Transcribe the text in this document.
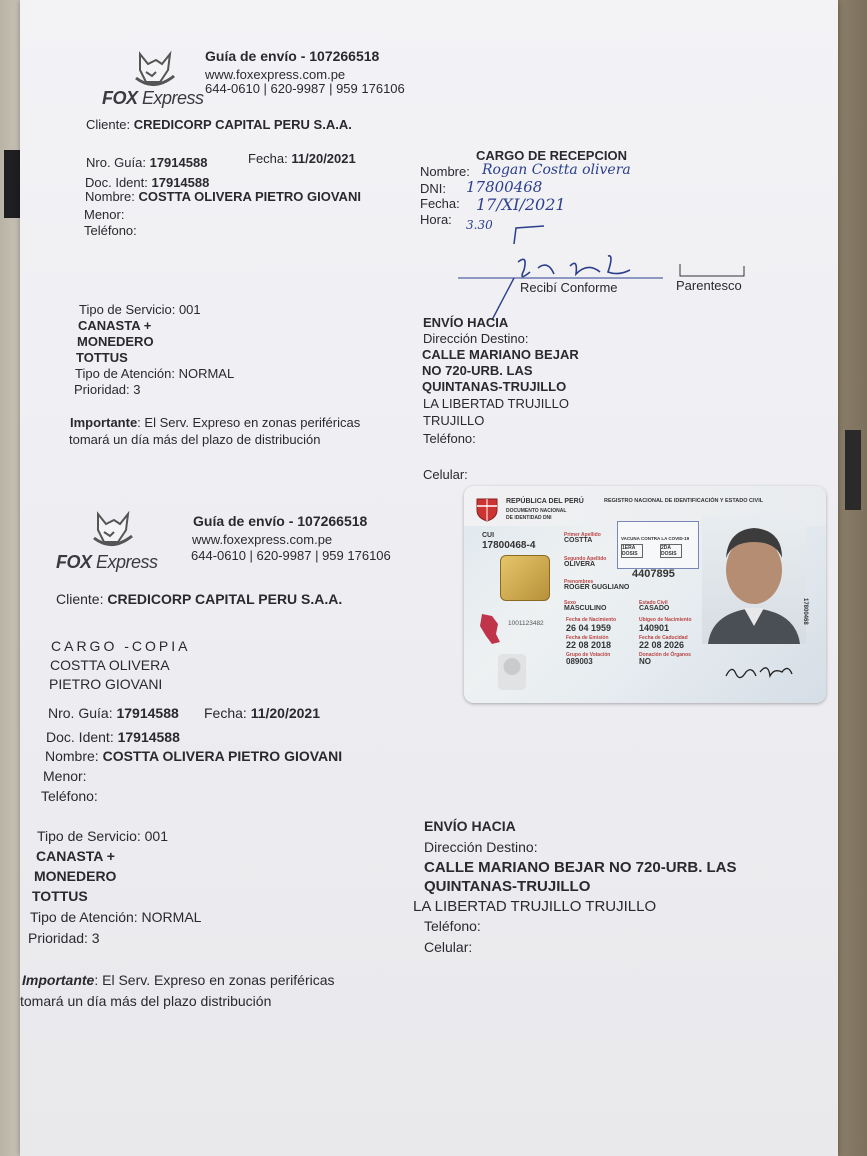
FOX Express
Guía de envío - 107266518
www.foxexpress.com.pe
644-0610 | 620-9987 | 959 176106
Cliente: CREDICORP CAPITAL PERU S.A.A.
Nro. Guía: 17914588	Fecha: 11/20/2021
Doc. Ident: 17914588
Nombre: COSTTA OLIVERA PIETRO GIOVANI
Menor:
Teléfono:
CARGO DE RECEPCION
Nombre: Rogan Costta olivera
DNI: 17800468
Fecha: 17/XI/2021
Hora: 3.30
Recibí Conforme	Parentesco
Tipo de Servicio: 001
CANASTA +
MONEDERO
TOTTUS
Tipo de Atención: NORMAL
Prioridad: 3
Importante: El Serv. Expreso en zonas periféricas
tomará un día más del plazo de distribución
ENVÍO HACIA
Dirección Destino:
CALLE MARIANO BEJAR
NO 720-URB. LAS
QUINTANAS-TRUJILLO
LA LIBERTAD TRUJILLO
TRUJILLO
Teléfono:
Celular:
FOX Express
Guía de envío - 107266518
www.foxexpress.com.pe
644-0610 | 620-9987 | 959 176106
Cliente: CREDICORP CAPITAL PERU S.A.A.
CARGO -COPIA
COSTTA OLIVERA
PIETRO GIOVANI
Nro. Guía: 17914588 Fecha: 11/20/2021
Doc. Ident: 17914588
Nombre: COSTTA OLIVERA PIETRO GIOVANI
Menor:
Teléfono:
Tipo de Servicio: 001
CANASTA +
MONEDERO
TOTTUS
Tipo de Atención: NORMAL
Prioridad: 3
Importante: El Serv. Expreso en zonas periféricas
tomará un día más del plazo distribución
ENVÍO HACIA
Dirección Destino:
CALLE MARIANO BEJAR NO 720-URB. LAS
QUINTANAS-TRUJILLO
LA LIBERTAD TRUJILLO TRUJILLO
Teléfono:
Celular:
REPÚBLICA DEL PERÚ	REGISTRO NACIONAL DE IDENTIFICACIÓN Y ESTADO CIVIL
DOCUMENTO NACIONAL
DE IDENTIDAD DNI
CUI
17800468-4
Primer Apellido
COSTTA
Segundo Apellido
OLIVERA
Prenombres
ROGER GUGLIANO
VACUNA CONTRA LA COVID-19
1ERA DOSIS
2DA DOSIS
4407895
Sexo
MASCULINO
Estado Civil
CASADO
1001123482	Fecha de Nacimiento
26 04 1959
Ubigeo de Nacimiento
140901
Fecha de Emisión
22 08 2018
Fecha de Caducidad
22 08 2026
Grupo de Votación
089003
Donación de Órganos
NO
17800468
